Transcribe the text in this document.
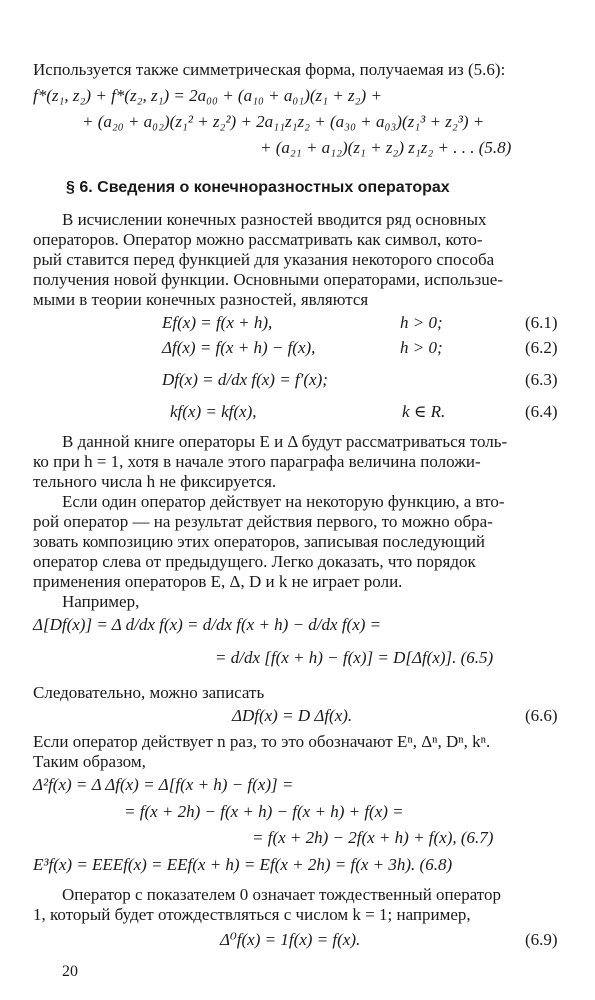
Используется также симметрическая форма, получаемая из (5.6):
f*(z₁, z₂) + f*(z₂, z₁) = 2a₀₀ + (a₁₀ + a₀₁)(z₁ + z₂) +
+ (a₂₀ + a₀₂)(z₁² + z₂²) + 2a₁₁z₁z₂ + (a₃₀ + a₀₃)(z₁³ + z₂³) +
+ (a₂₁ + a₁₂)(z₁ + z₂) z₁z₂ + . . . (5.8)
§ 6. Сведения о конечноразностных операторах
В исчислении конечных разностей вводится ряд основных
операторов. Оператор можно рассматривать как символ, кото-
рый ставится перед функцией для указания некоторого способа
получения новой функции. Основными операторами, использue-
мыми в теории конечных разностей, являются
Ef(x) = f(x + h),	h > 0;	(6.1)
Δf(x) = f(x + h) − f(x),	h > 0;	(6.2)
Df(x) = d/dx f(x) = f′(x);	(6.3)
kf(x) = kf(x),	k ∈ R.	(6.4)
В данной книге операторы E и Δ будут рассматриваться толь-
ко при h = 1, хотя в начале этого параграфа величина положи-
тельного числа h не фиксируется.
Если один оператор действует на некоторую функцию, а вто-
рой оператор — на результат действия первого, то можно обра-
зовать композицию этих операторов, записывая последующий
оператор слева от предыдущего. Легко доказать, что порядок
применения операторов E, Δ, D и k не играет роли.
Например,
Δ[Df(x)] = Δ d/dx f(x) = d/dx f(x + h) − d/dx f(x) =
= d/dx [f(x + h) − f(x)] = D[Δf(x)]. (6.5)
Следовательно, можно записать
ΔDf(x) = D Δf(x).	(6.6)
Если оператор действует n раз, то это обозначают Eⁿ, Δⁿ, Dⁿ, kⁿ.
Таким образом,
Δ²f(x) = Δ Δf(x) = Δ[f(x + h) − f(x)] =
= f(x + 2h) − f(x + h) − f(x + h) + f(x) =
= f(x + 2h) − 2f(x + h) + f(x), (6.7)
E³f(x) = EEEf(x) = EEf(x + h) = Ef(x + 2h) = f(x + 3h). (6.8)
Оператор с показателем 0 означает тождественный оператор
1, который будет отождествляться с числом k = 1; например,
Δ⁰f(x) = 1f(x) = f(x).	(6.9)
20
